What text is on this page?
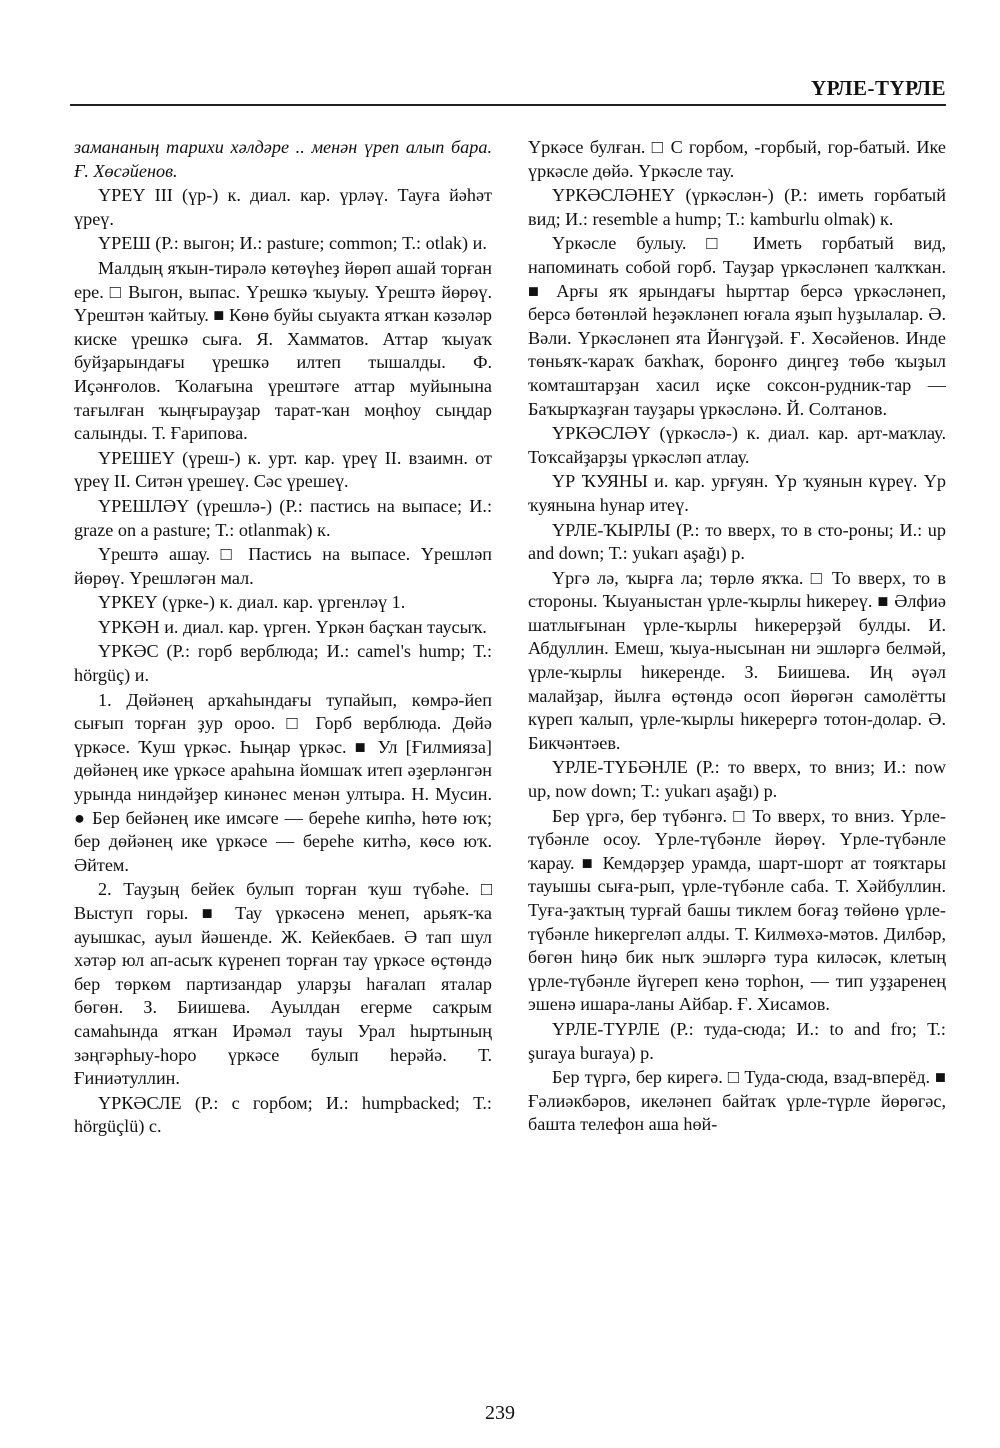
ҮРЛЕ-ТҮРЛЕ

замананың тарихи хәлдәре .. менән үреп алып бара. Ғ. Хөсәйенов.

ҮРЕҮ III (үр-) к. диал. кар. үрләү. Тауға йәһәт үреү.

ҮРЕШ (Р.: выгон; И.: pasture; common; Т.: otlak) и.

Малдың яҡын-тирәлә көтөүһеҙ йөрөп ашай торған ере. □ Выгон, выпас. Үрешкә ҡыуыу. Үрештә йөрөү. Үрештән ҡайтыу. ■ Көнө буйы сыуакта ятҡан кәзәләр киске үрешкә сыға. Я. Хамматов. Аттар ҡыуаҡ буйҙарындағы үрешкә илтеп тышалды. Ф. Иҫәнғолов. Ҡолағына үрештәге аттар муйынына тағылған ҡыңғырауҙар тарат-ҡан моңһоу сыңдар салынды. Т. Ғарипова.

ҮРЕШЕҮ (үреш-) к. урт. кар. үреү II. взаимн. от үреү II. Ситән үрешеү. Сәс үрешеү.

ҮРЕШЛӘҮ (үрешлә-) (Р.: пастись на выпасе; И.: graze on a pasture; Т.: otlanmak) к.

Үрештә ашау. □ Пастись на выпасе. Үрешләп йөрөү. Үрешләгән мал.

ҮРКЕҮ (үрке-) к. диал. кар. үргенләү 1.

ҮРКӘН и. диал. кар. үрген. Үркән баҫҡан таусыҡ.

ҮРКӘС (Р.: горб верблюда; И.: camel's hump; Т.: hörgüç) и.

1. Дөйәнең арҡаһындағы тупайып, көмрә-йеп сығып торған ҙур ороо. □ Горб верблюда. Дөйә үркәсе. Ҡуш үркәс. Һыңар үркәс. ■ Ул [Ғилмияза] дөйәнең ике үркәсе араһына йомшаҡ итеп әҙерләнгән урында ниндәйҙер кинәнес менән ултыра. Н. Мусин. ● Бер бейәнең ике имсәге — береһе кипһә, һөтө юҡ; бер дөйәнең ике үркәсе — береһе китһә, көсө юҡ. Әйтем.

2. Тауҙың бейек булып торған ҡуш түбәһе. □ Выступ горы. ■ Тау үркәсенә менеп, арьяҡ-ҡа ауышкас, ауыл йәшенде. Ж. Кейекбаев. Ә тап шул хәтәр юл ап-асыҡ күренеп торған тау үркәсе өҫтөндә бер төркөм партизандар уларҙы һағалап яталар бөгөн. З. Биишева. Ауылдан егерме саҡрым самаһында ятҡан Ирәмәл тауы Урал һыртының зәңгәрһыу-һоро үркәсе булып һерәйә. Т. Ғиниәтуллин.

ҮРКӘСЛЕ (Р.: с горбом; И.: humpbacked; Т.: hörgüçlü) с.

Үркәсе булған. □ С горбом, -горбый, гор-батый. Ике үркәсле дөйә. Үркәсле тау.

ҮРКӘСЛӘНЕҮ (үркәслән-) (Р.: иметь горбатый вид; И.: resemble a hump; Т.: kamburlu olmak) к.

Үркәсле булыу. □ Иметь горбатый вид, напоминать собой горб. Тауҙар үркәсләнеп ҡалҡҡан. ■ Арғы яҡ ярындағы һырттар берсә үркәсләнеп, берсә бөтөнләй һеҙәкләнеп юғала яҙып һуҙылалар. Ә. Вәли. Үркәсләнеп ята Йәнгүҙәй. Ғ. Хөсәйенов. Инде төньяҡ-ҡараҡ баҡһаҡ, боронғо диңгеҙ төбө ҡыҙыл ҡомташтарҙан хасил иҫке сoксон-рудник-тар — Баҡырҡаҙған тауҙары үркәсләнә. Й. Солтанов.

ҮРКӘСЛӘҮ (үркәслә-) к. диал. кар. арт-маҡлау. Тоҡсайҙарҙы үркәсләп атлау.

ҮР ҠУЯНЫ и. кар. урғуян. Үр ҡуянын күреү. Үр ҡуянына һунар итеү.

ҮРЛЕ-ҠЫРЛЫ (Р.: то вверх, то в сто-роны; И.: up and down; Т.: yukarı aşağı) р.

Үргә лә, ҡырға ла; төрлө яҡҡа. □ То вверх, то в стороны. Ҡыуаныстан үрле-ҡырлы һикереү. ■ Әлфиә шатлығынан үрле-ҡырлы һикерерҙәй булды. И. Абдуллин. Емеш, ҡыуа-нысынан ни эшләргә белмәй, үрле-ҡырлы һикеренде. З. Биишева. Иң әүәл малайҙар, йылға өҫтөндә осоп йөрөгән самолётты күреп ҡалып, үрле-ҡырлы һикерергә тотон-долар. Ә. Бикчәнтәев.

ҮРЛЕ-ТҮБӘНЛЕ (Р.: то вверх, то вниз; И.: now up, now down; Т.: yukarı aşağı) р.

Бер үргә, бер түбәнгә. □ То вверх, то вниз. Үрле-түбәнле осоу. Үрле-түбәнле йөрөү. Үрле-түбәнле ҡарау. ■ Кемдәрҙер урамда, шарт-шорт ат тояҡтары тауышы сығa-рып, үрле-түбәнле саба. Т. Хәйбуллин. Туға-ҙаҡтың турғай башы тиклем боғаҙ төйөнө үрле-түбәнле һикергеләп алды. Т. Килмөхә-мәтов. Дилбәр, бөгөн һиңә бик ныҡ эшләргә тура киләсәк, клетың үрле-түбәнле йүгереп кенә торһон, — тип уҙҙаренең эшенә ишара-ланы Айбар. Ғ. Хисамов.

ҮРЛЕ-ТҮРЛЕ (Р.: туда-сюда; И.: to and fro; Т.: şuraya buraya) р.

Бер түргә, бер кирегә. □ Туда-сюда, взад-вперёд. ■ Ғәлиәкбәров, икеләнеп байтаҡ үрле-түрле йөрөгәс, башта телефон аша һөй-

239
